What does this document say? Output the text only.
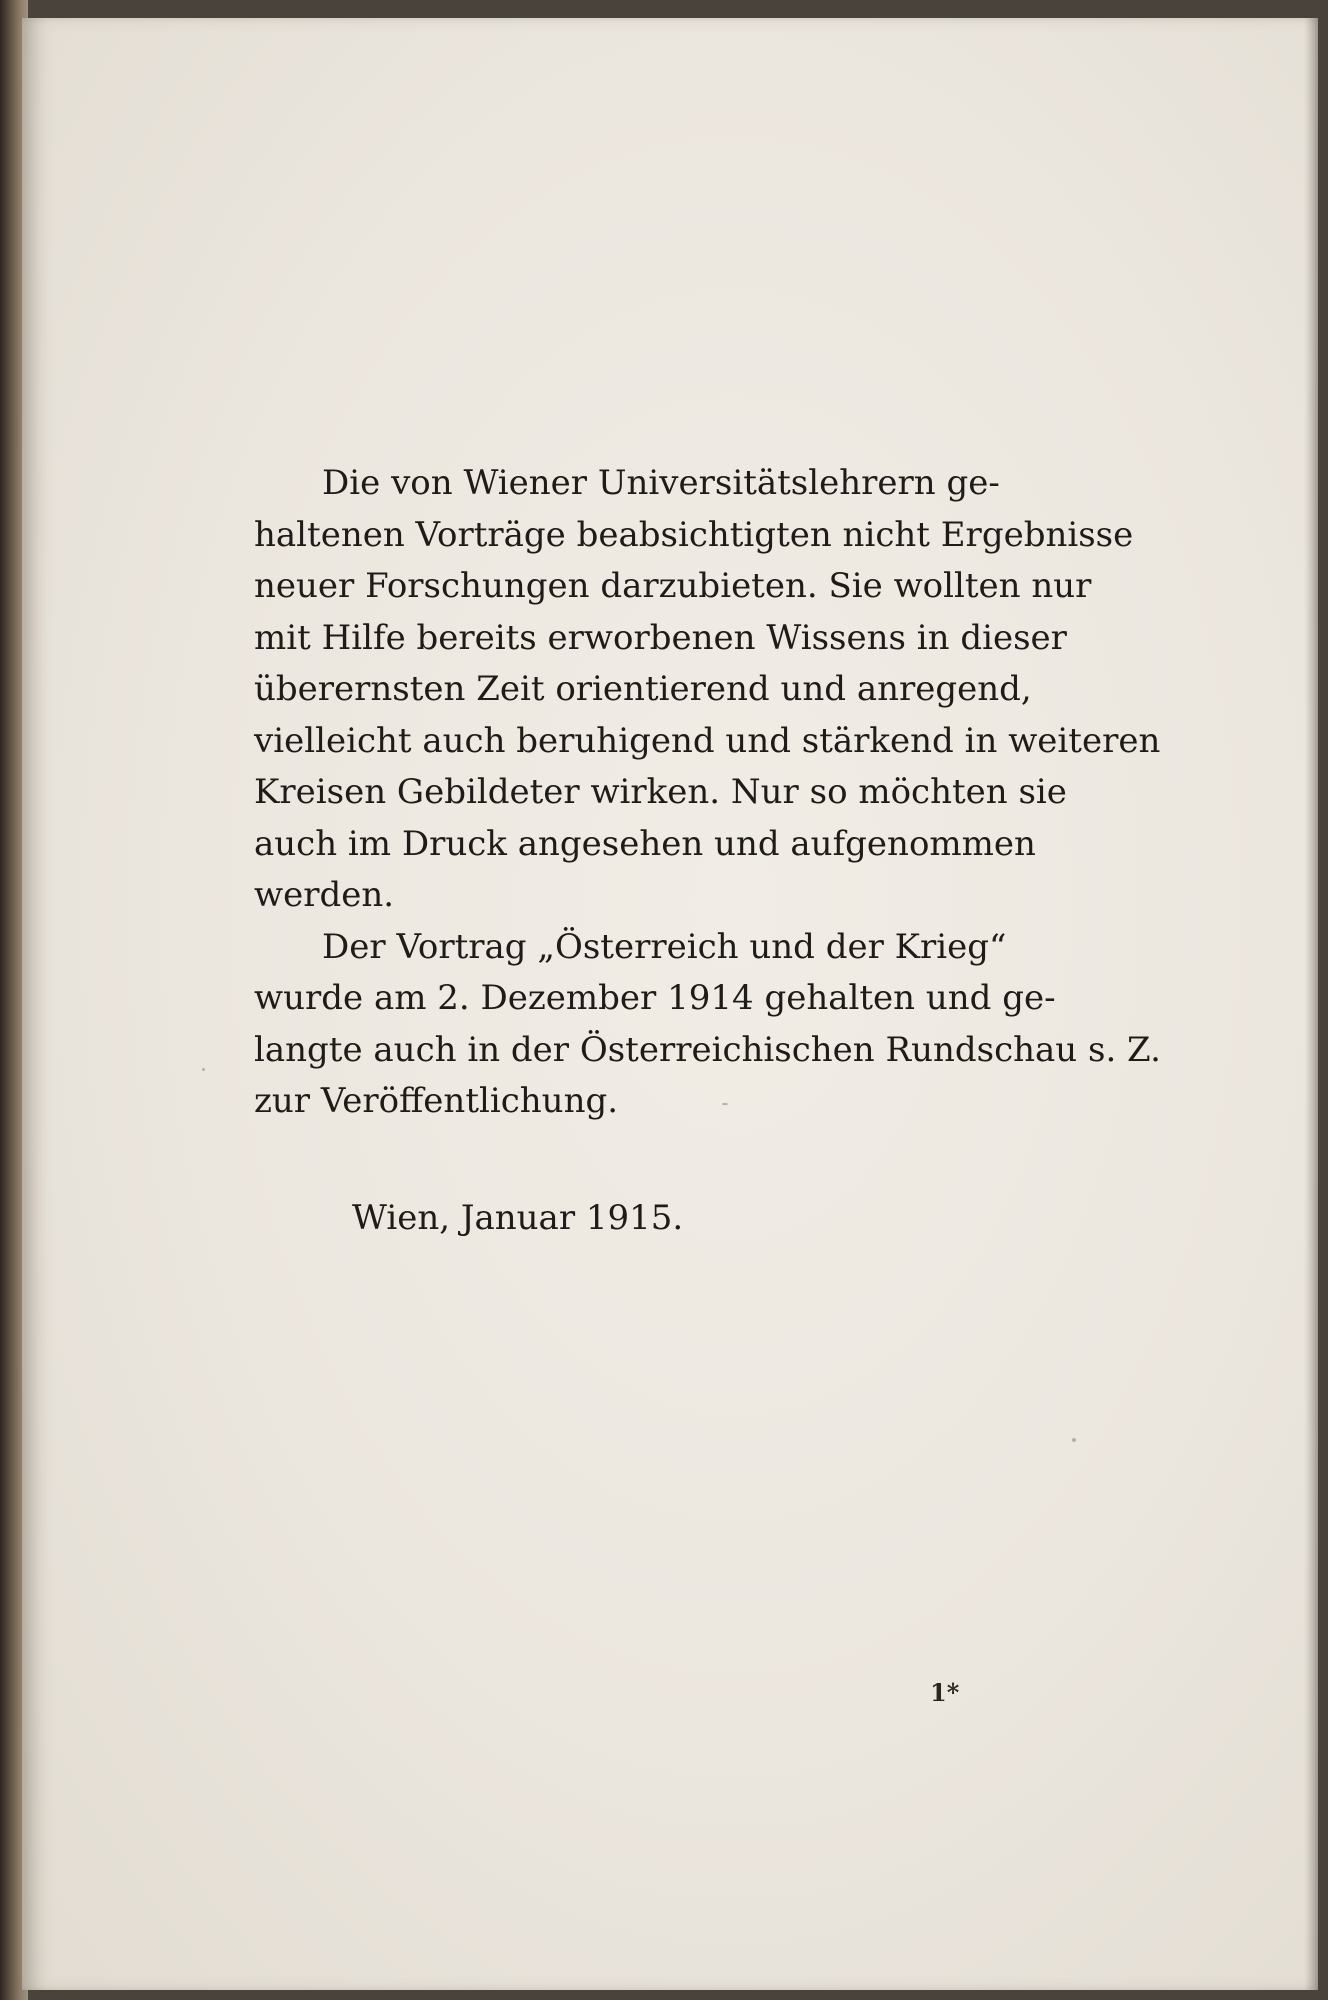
Die von Wiener Universitätslehrern ge-
haltenen Vorträge beabsichtigten nicht Ergebnisse
neuer Forschungen darzubieten. Sie wollten nur
mit Hilfe bereits erworbenen Wissens in dieser
überernsten Zeit orientierend und anregend,
vielleicht auch beruhigend und stärkend in weiteren
Kreisen Gebildeter wirken. Nur so möchten sie
auch im Druck angesehen und aufgenommen
werden.
Der Vortrag „Österreich und der Krieg“
wurde am 2. Dezember 1914 gehalten und ge-
langte auch in der Österreichischen Rundschau s. Z.
zur Veröffentlichung.
Wien, Januar 1915.
1*
